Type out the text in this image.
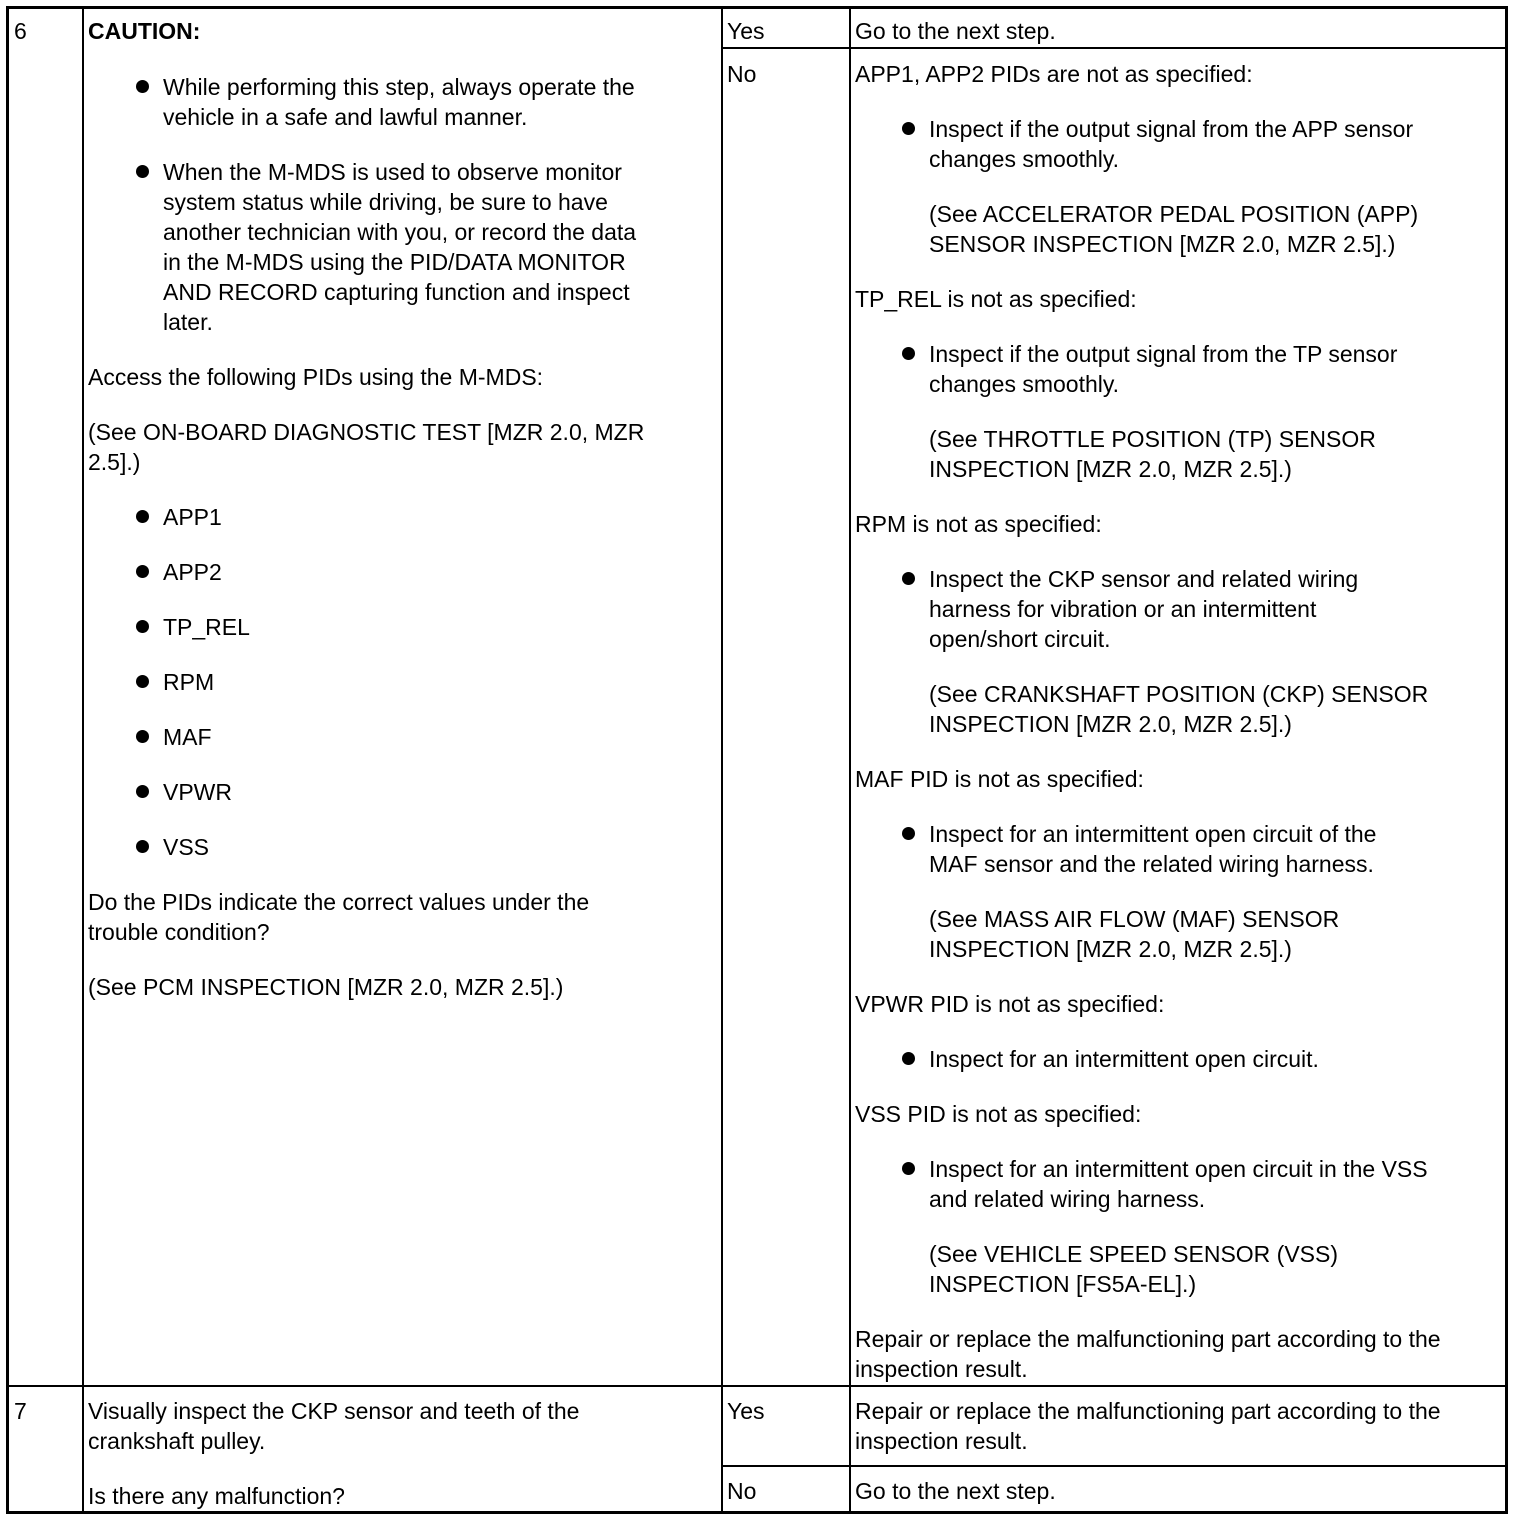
6	CAUTION:
While performing this step, always operate the
vehicle in a safe and lawful manner.
When the M-MDS is used to observe monitor
system status while driving, be sure to have
another technician with you, or record the data
in the M-MDS using the PID/DATA MONITOR
AND RECORD capturing function and inspect
later.
Access the following PIDs using the M-MDS:
(See ON-BOARD DIAGNOSTIC TEST [MZR 2.0, MZR
2.5].)
APP1
APP2
TP_REL
RPM
MAF
VPWR
VSS
Do the PIDs indicate the correct values under the
trouble condition?
(See PCM INSPECTION [MZR 2.0, MZR 2.5].)
Yes	Go to the next step.
No	APP1, APP2 PIDs are not as specified:
Inspect if the output signal from the APP sensor
changes smoothly.
(See ACCELERATOR PEDAL POSITION (APP)
SENSOR INSPECTION [MZR 2.0, MZR 2.5].)
TP_REL is not as specified:
Inspect if the output signal from the TP sensor
changes smoothly.
(See THROTTLE POSITION (TP) SENSOR
INSPECTION [MZR 2.0, MZR 2.5].)
RPM is not as specified:
Inspect the CKP sensor and related wiring
harness for vibration or an intermittent
open/short circuit.
(See CRANKSHAFT POSITION (CKP) SENSOR
INSPECTION [MZR 2.0, MZR 2.5].)
MAF PID is not as specified:
Inspect for an intermittent open circuit of the
MAF sensor and the related wiring harness.
(See MASS AIR FLOW (MAF) SENSOR
INSPECTION [MZR 2.0, MZR 2.5].)
VPWR PID is not as specified:
Inspect for an intermittent open circuit.
VSS PID is not as specified:
Inspect for an intermittent open circuit in the VSS
and related wiring harness.
(See VEHICLE SPEED SENSOR (VSS)
INSPECTION [FS5A-EL].)
Repair or replace the malfunctioning part according to the
inspection result.
7	Visually inspect the CKP sensor and teeth of the
crankshaft pulley.
Is there any malfunction?
Yes	Repair or replace the malfunctioning part according to the
inspection result.
No	Go to the next step.
